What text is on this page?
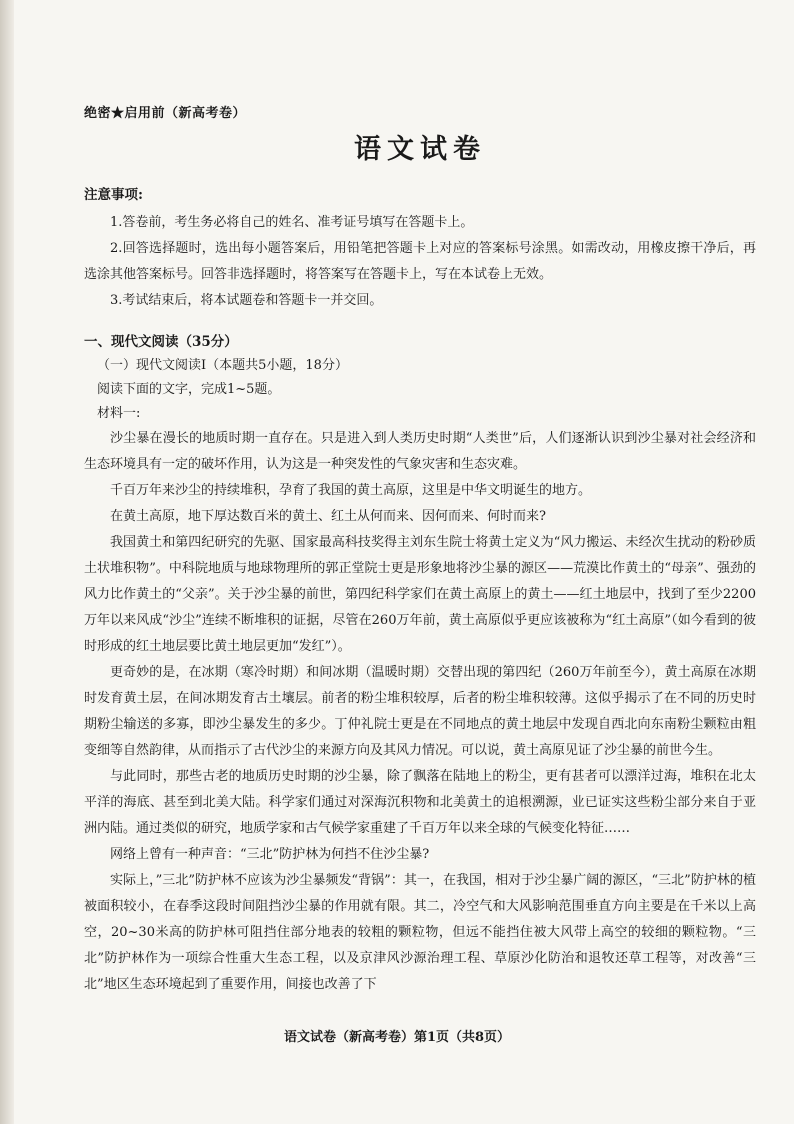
绝密★启用前（新高考卷）

语文试卷

注意事项:

1.答卷前，考生务必将自己的姓名、准考证号填写在答题卡上。

2.回答选择题时，选出每小题答案后，用铅笔把答题卡上对应的答案标号涂黑。如需改动，用橡皮擦干净后，再选涂其他答案标号。回答非选择题时，将答案写在答题卡上，写在本试卷上无效。

3.考试结束后，将本试题卷和答题卡一并交回。

一、现代文阅读（35分）

（一）现代文阅读Ⅰ（本题共5小题，18分）

阅读下面的文字，完成1~5题。

材料一:

沙尘暴在漫长的地质时期一直存在。只是进入到人类历史时期“人类世”后，人们逐渐认识到沙尘暴对社会经济和生态环境具有一定的破坏作用，认为这是一种突发性的气象灾害和生态灾难。

千百万年来沙尘的持续堆积，孕育了我国的黄土高原，这里是中华文明诞生的地方。

在黄土高原，地下厚达数百米的黄土、红土从何而来、因何而来、何时而来?

我国黄土和第四纪研究的先驱、国家最高科技奖得主刘东生院士将黄土定义为“风力搬运、未经次生扰动的粉砂质土状堆积物”。中科院地质与地球物理所的郭正堂院士更是形象地将沙尘暴的源区——荒漠比作黄土的“母亲”、强劲的风力比作黄土的“父亲”。关于沙尘暴的前世，第四纪科学家们在黄土高原上的黄土——红土地层中，找到了至少2200万年以来风成“沙尘”连续不断堆积的证据，尽管在260万年前，黄土高原似乎更应该被称为“红土高原”（如今看到的彼时形成的红土地层要比黄土地层更加“发红”）。

更奇妙的是，在冰期（寒冷时期）和间冰期（温暖时期）交替出现的第四纪（260万年前至今），黄土高原在冰期时发育黄土层，在间冰期发育古土壤层。前者的粉尘堆积较厚，后者的粉尘堆积较薄。这似乎揭示了在不同的历史时期粉尘输送的多寡，即沙尘暴发生的多少。丁仲礼院士更是在不同地点的黄土地层中发现自西北向东南粉尘颗粒由粗变细等自然韵律，从而指示了古代沙尘的来源方向及其风力情况。可以说，黄土高原见证了沙尘暴的前世今生。

与此同时，那些古老的地质历史时期的沙尘暴，除了飘落在陆地上的粉尘，更有甚者可以漂洋过海，堆积在北太平洋的海底、甚至到北美大陆。科学家们通过对深海沉积物和北美黄土的追根溯源，业已证实这些粉尘部分来自于亚洲内陆。通过类似的研究，地质学家和古气候学家重建了千百万年以来全球的气候变化特征……

网络上曾有一种声音：“三北”防护林为何挡不住沙尘暴?

实际上，”三北”防护林不应该为沙尘暴频发“背锅”：其一，在我国，相对于沙尘暴广阔的源区，“三北”防护林的植被面积较小，在春季这段时间阻挡沙尘暴的作用就有限。其二，冷空气和大风影响范围垂直方向主要是在千米以上高空，20~30米高的防护林可阻挡住部分地表的较粗的颗粒物，但远不能挡住被大风带上高空的较细的颗粒物。“三北”防护林作为一项综合性重大生态工程，以及京津风沙源治理工程、草原沙化防治和退牧还草工程等，对改善“三北”地区生态环境起到了重要作用，间接也改善了下

语文试卷（新高考卷）第1页（共8页）
